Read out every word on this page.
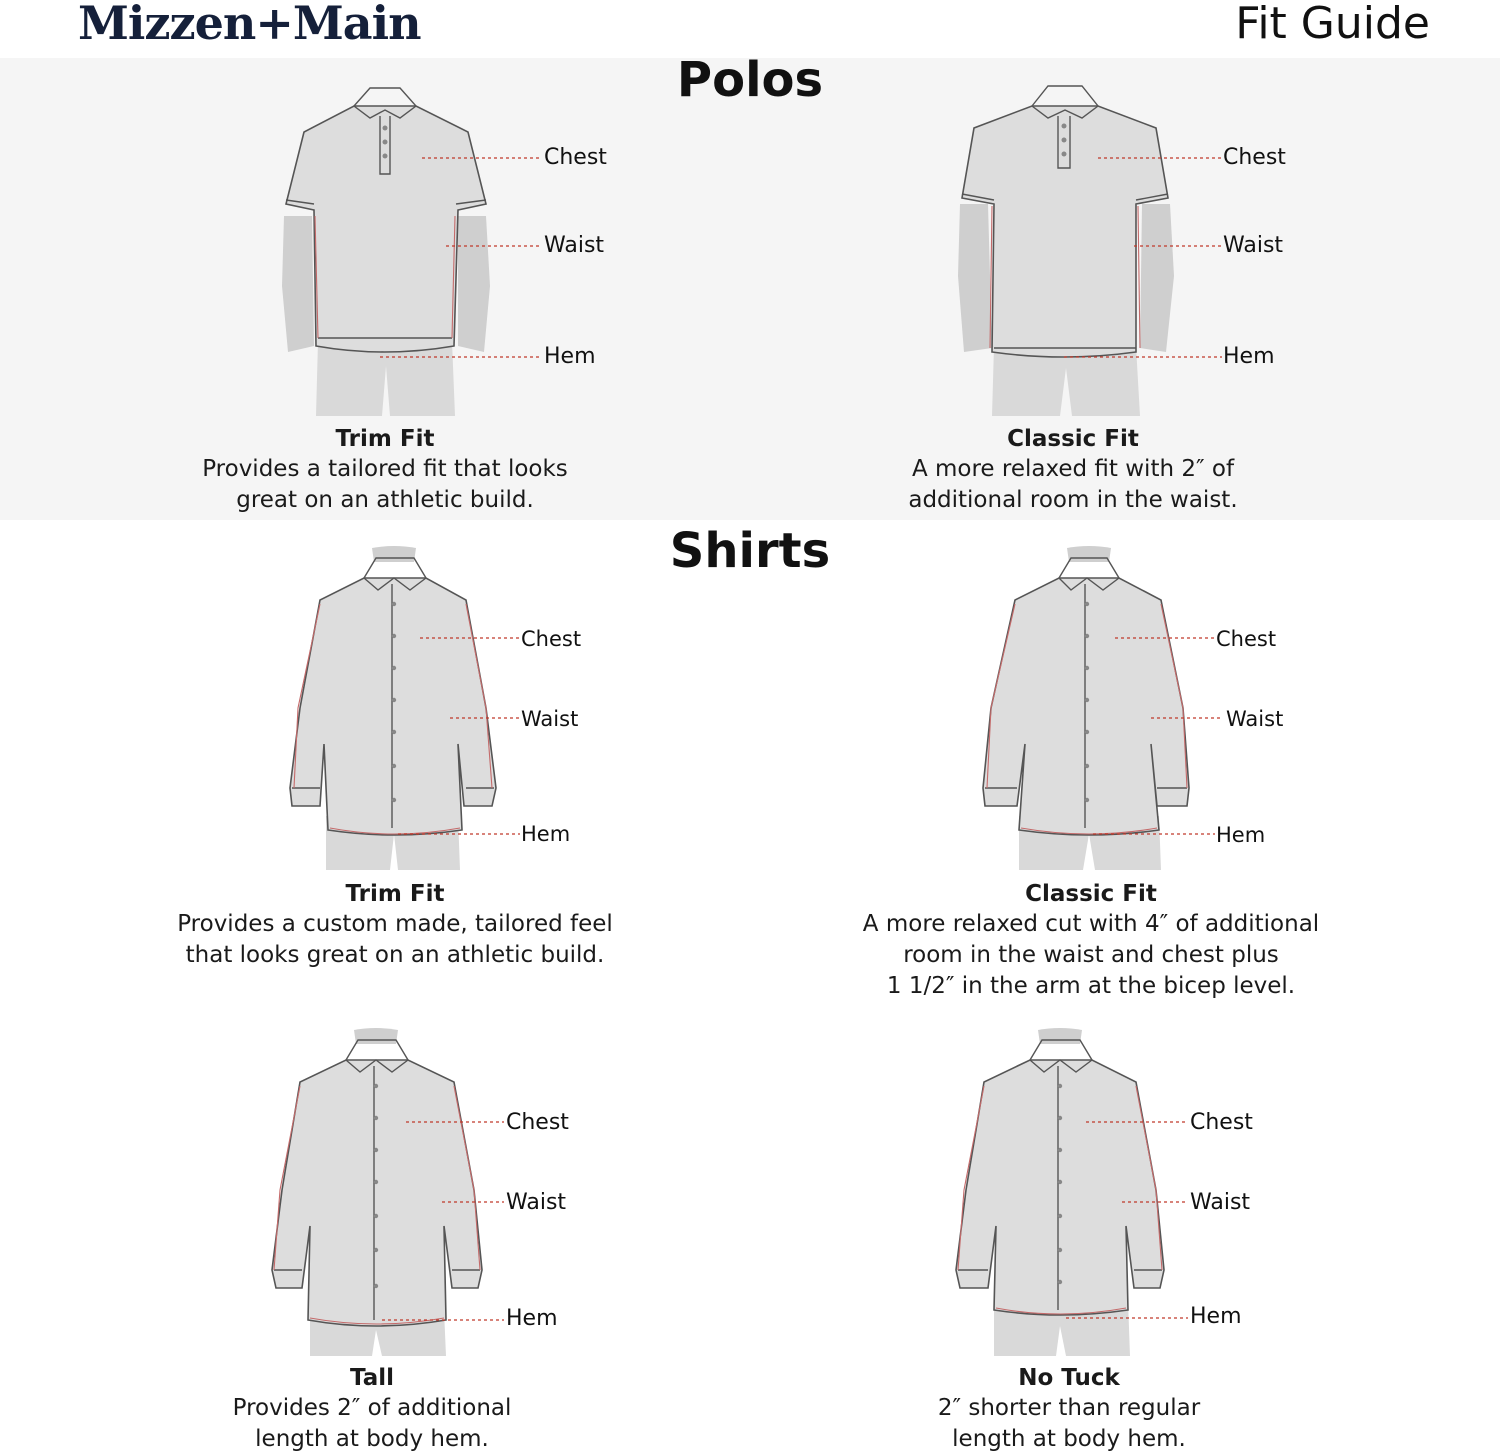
Mizzen+Main	Fit Guide
Polos
Shirts
Chest
Waist
Hem
Trim Fit
Provides a tailored fit that looks
great on an athletic build.
Chest
Waist
Hem
Classic Fit
A more relaxed fit with 2″ of
additional room in the waist.
Chest
Waist
Hem
Trim Fit
Provides a custom made, tailored feel
that looks great on an athletic build.
Chest
Waist
Hem
Classic Fit
A more relaxed cut with 4″ of additional
room in the waist and chest plus
1 1/2″ in the arm at the bicep level.
Chest
Waist
Hem
Tall
Provides 2″ of additional
length at body hem.
Chest
Waist
Hem
No Tuck
2″ shorter than regular
length at body hem.
